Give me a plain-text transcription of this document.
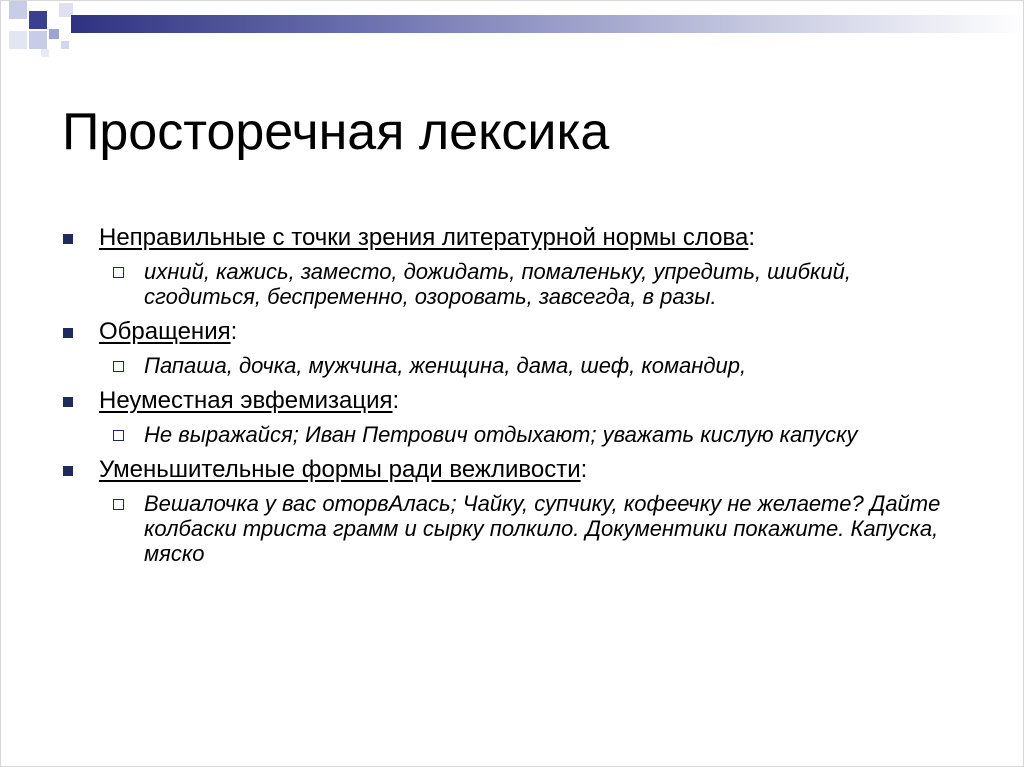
Просторечная лексика
Неправильные с точки зрения литературной нормы слова:
ихний, кажись, заместо, дожидать, помаленьку, упредить, шибкий, сгодиться, беспременно, озоровать, завсегда, в разы.
Обращения:
Папаша, дочка, мужчина, женщина, дама, шеф, командир,
Неуместная эвфемизация:
Не выражайся; Иван Петрович отдыхают; уважать кислую капуску
Уменьшительные формы ради вежливости:
Вешалочка у вас оторвАлась; Чайку, супчику, кофеечку не желаете? Дайте колбаски триста грамм и сырку полкило. Документики покажите. Капуска, мяско
